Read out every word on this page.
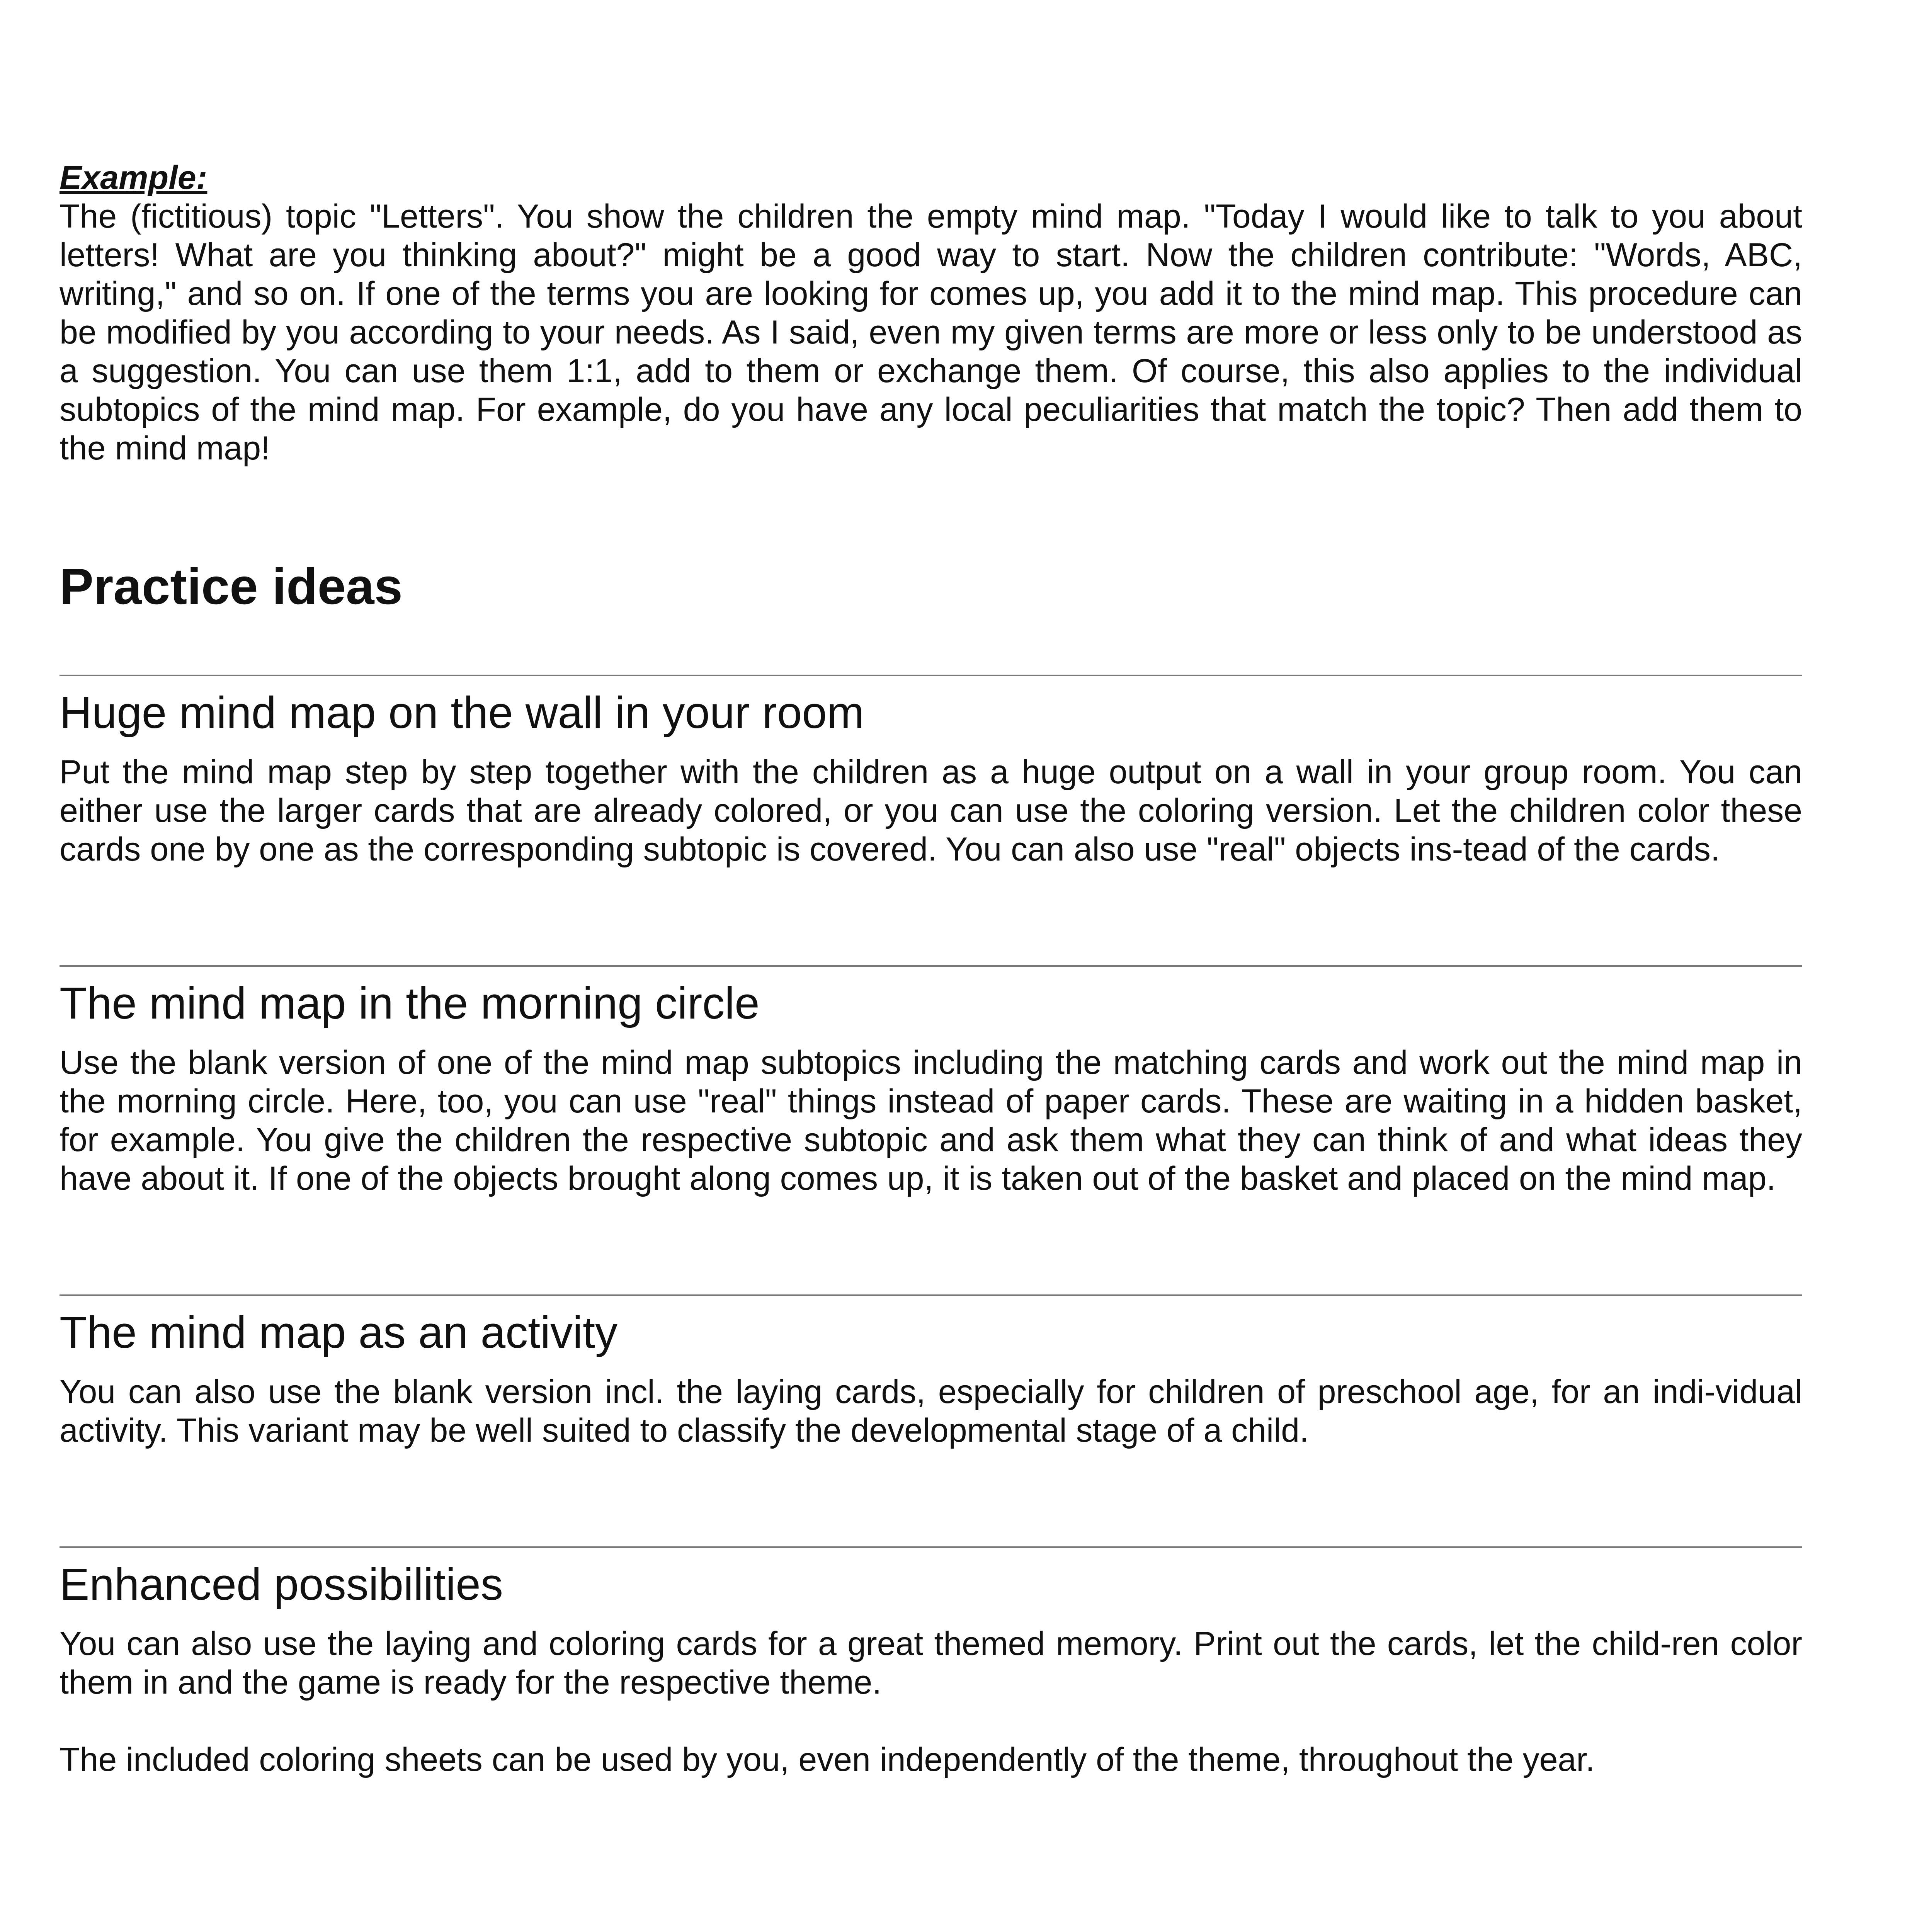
Example:

The (fictitious) topic "Letters". You show the children the empty mind map. "Today I would like to talk to you about letters! What are you thinking about?" might be a good way to start. Now the children contribute: "Words, ABC, writing," and so on. If one of the terms you are looking for comes up, you add it to the mind map. This procedure can be modified by you according to your needs. As I said, even my given terms are more or less only to be understood as a suggestion. You can use them 1:1, add to them or exchange them. Of course, this also applies to the individual subtopics of the mind map. For example, do you have any local peculiarities that match the topic? Then add them to the mind map!

Practice ideas
Huge mind map on the wall in your room

Put the mind map step by step together with the children as a huge output on a wall in your group room. You can either use the larger cards that are already colored, or you can use the coloring version. Let the children color these cards one by one as the corresponding subtopic is covered. You can also use "real" objects ins-tead of the cards.

The mind map in the morning circle

Use the blank version of one of the mind map subtopics including the matching cards and work out the mind map in the morning circle. Here, too, you can use "real" things instead of paper cards. These are waiting in a hidden basket, for example. You give the children the respective subtopic and ask them what they can think of and what ideas they have about it. If one of the objects brought along comes up, it is taken out of the basket and placed on the mind map.

The mind map as an activity

You can also use the blank version incl. the laying cards, especially for children of preschool age, for an indi-vidual activity. This variant may be well suited to classify the developmental stage of a child.

Enhanced possibilities

You can also use the laying and coloring cards for a great themed memory. Print out the cards, let the child-ren color them in and the game is ready for the respective theme.

The included coloring sheets can be used by you, even independently of the theme, throughout the year.
